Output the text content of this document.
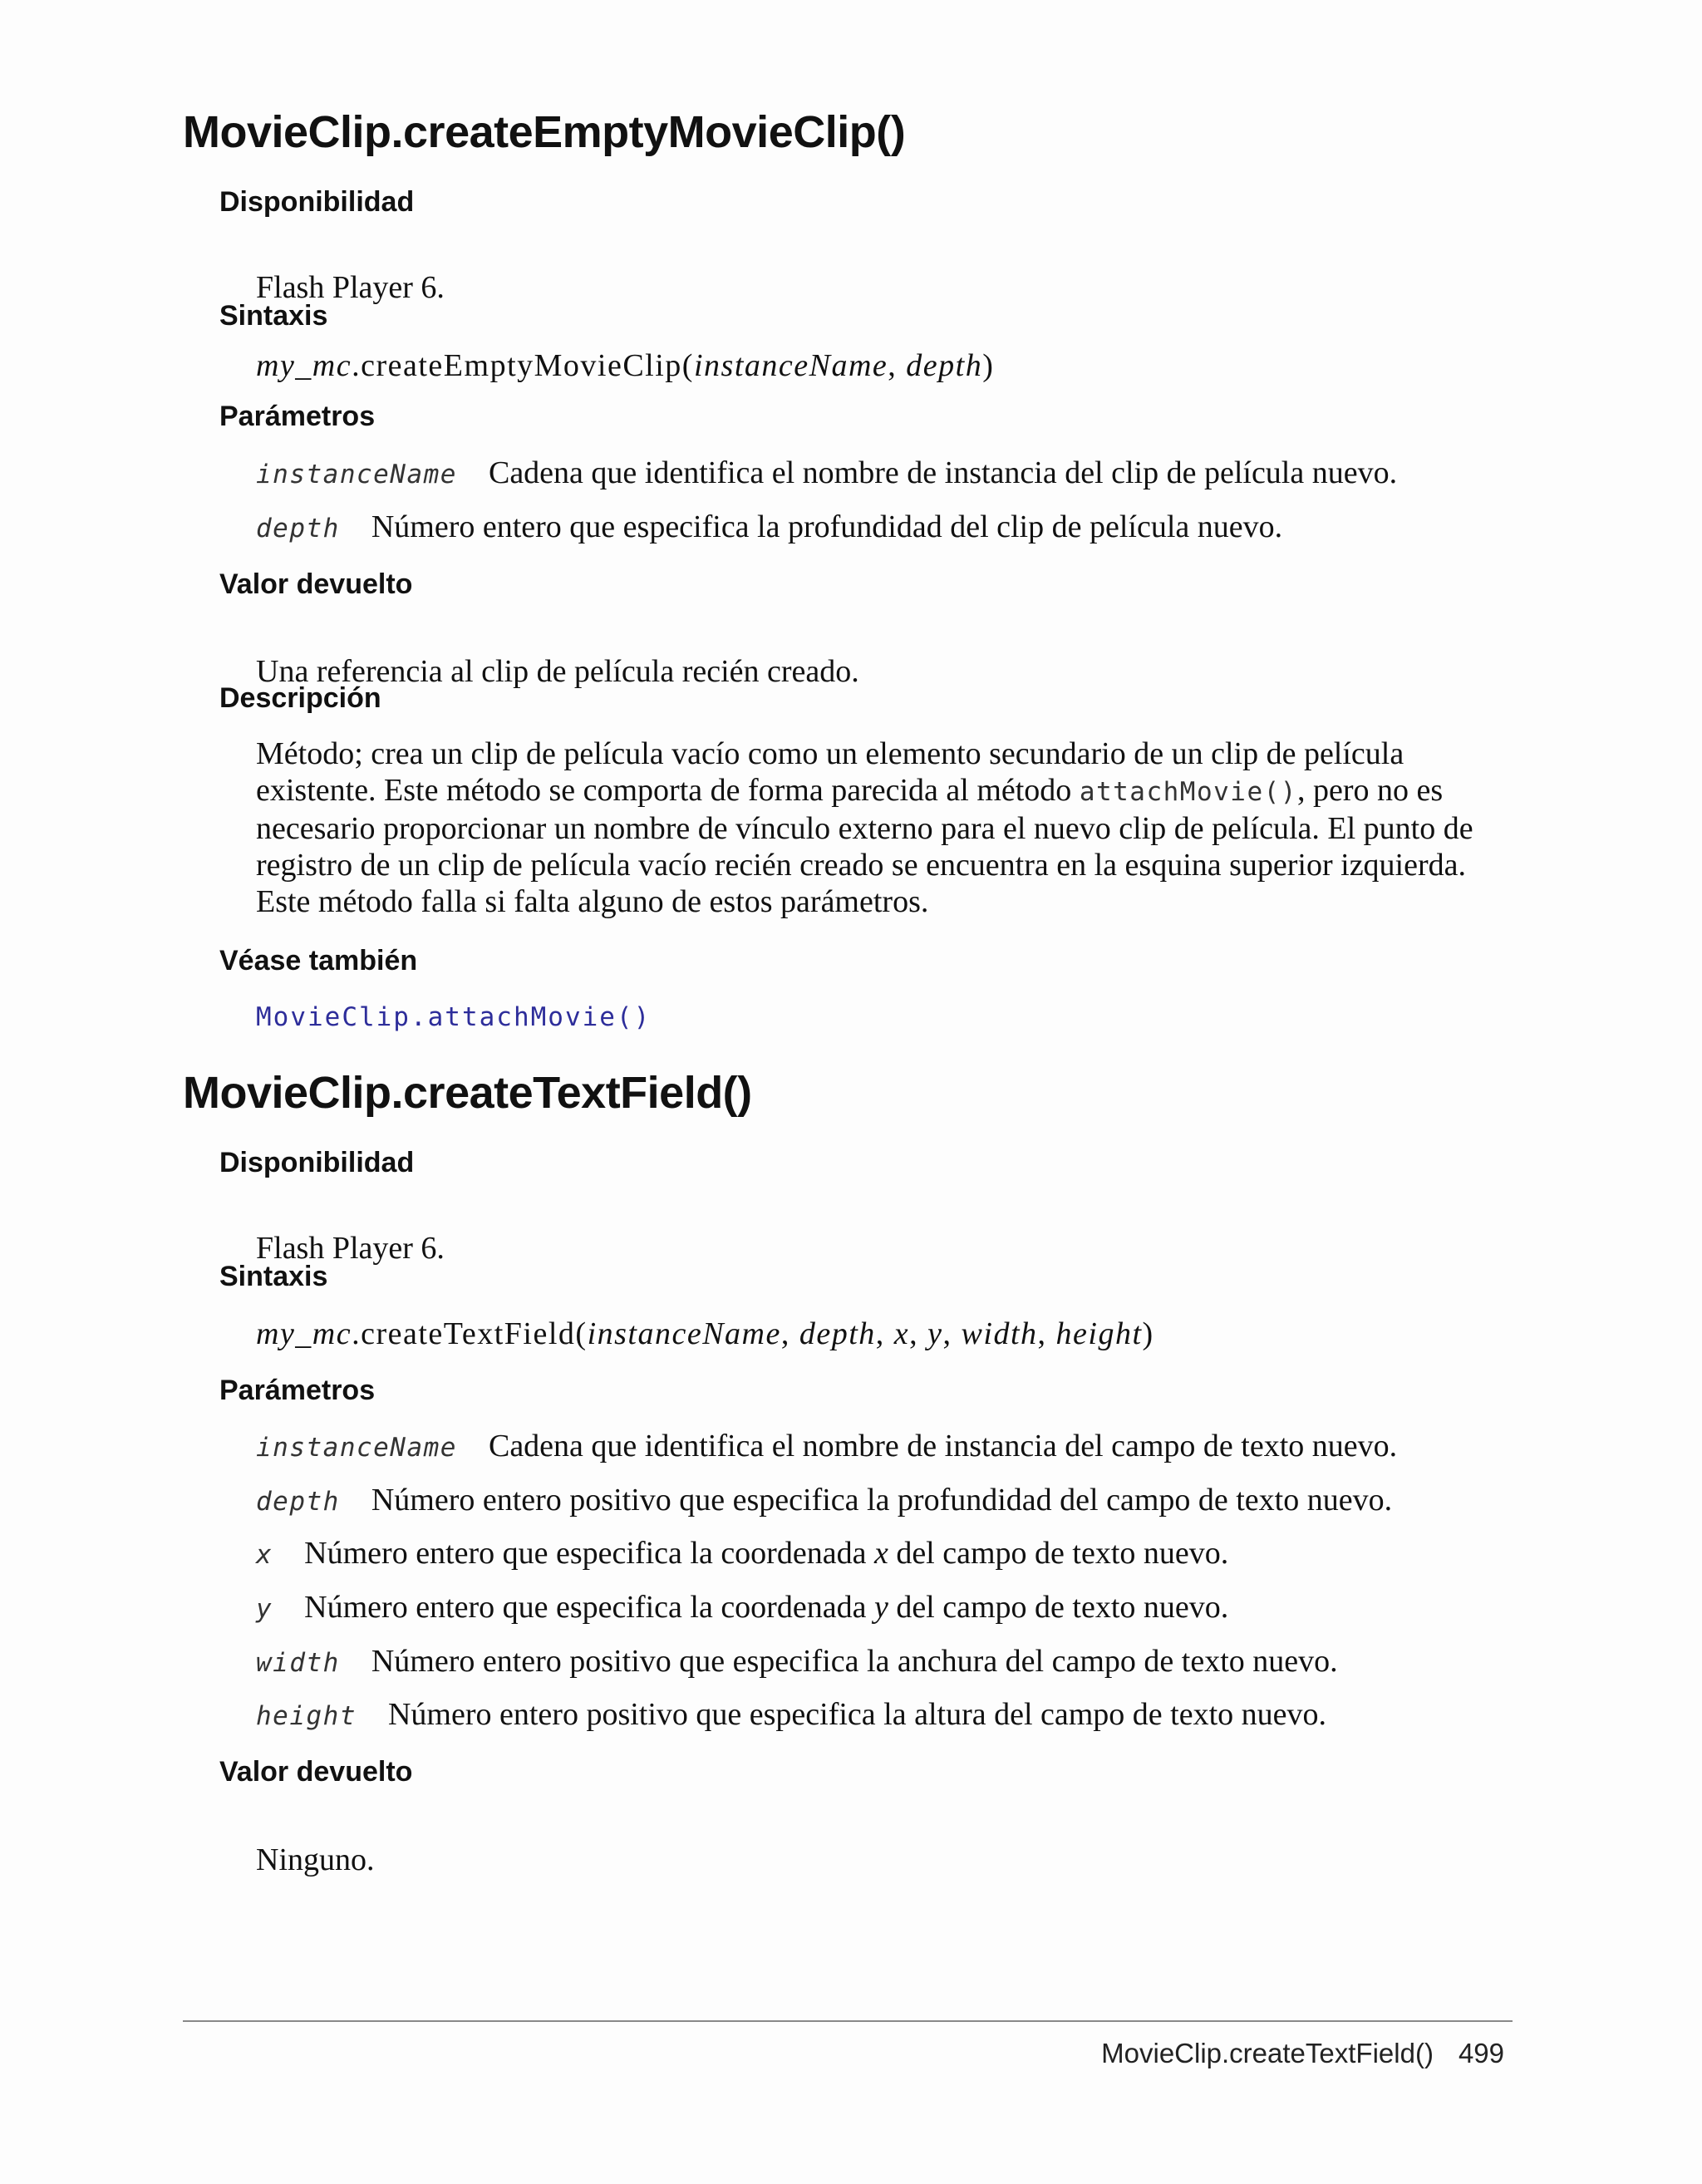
MovieClip.createEmptyMovieClip()
Disponibilidad

Flash Player 6.

Sintaxis
my_mc.createEmptyMovieClip(instanceName, depth)
Parámetros
instanceName Cadena que identifica el nombre de instancia del clip de película nuevo.
depth Número entero que especifica la profundidad del clip de película nuevo.
Valor devuelto

Una referencia al clip de película recién creado.

Descripción

Método; crea un clip de película vacío como un elemento secundario de un clip de película existente. Este método se comporta de forma parecida al método attachMovie(), pero no es necesario proporcionar un nombre de vínculo externo para el nuevo clip de película. El punto de registro de un clip de película vacío recién creado se encuentra en la esquina superior izquierda. Este método falla si falta alguno de estos parámetros.

Véase también
MovieClip.attachMovie()
MovieClip.createTextField()
Disponibilidad

Flash Player 6.

Sintaxis
my_mc.createTextField(instanceName, depth, x, y, width, height)
Parámetros
instanceName Cadena que identifica el nombre de instancia del campo de texto nuevo.
depth Número entero positivo que especifica la profundidad del campo de texto nuevo.
x Número entero que especifica la coordenada x del campo de texto nuevo.
y Número entero que especifica la coordenada y del campo de texto nuevo.
width Número entero positivo que especifica la anchura del campo de texto nuevo.
height Número entero positivo que especifica la altura del campo de texto nuevo.
Valor devuelto

Ninguno.

MovieClip.createTextField() 499
